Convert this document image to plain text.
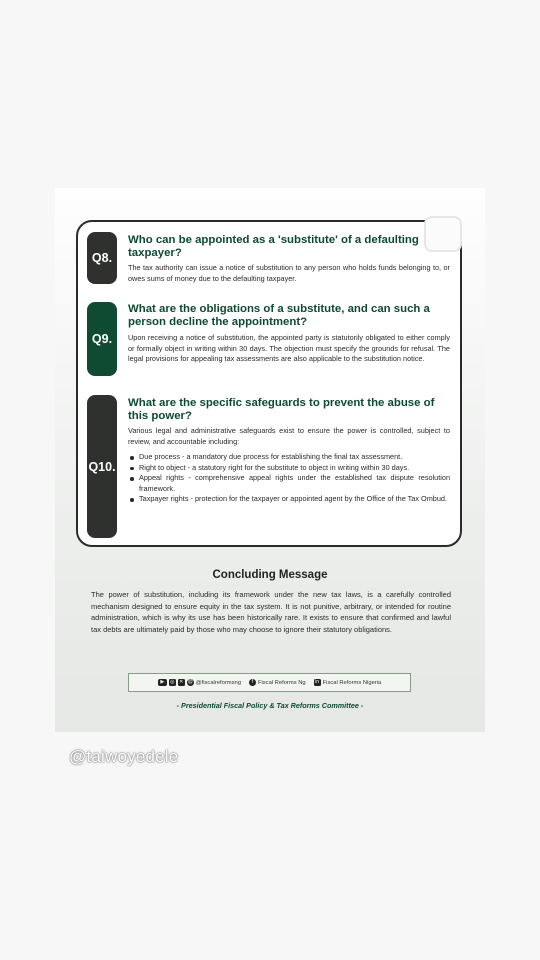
Q8.
Who can be appointed as a 'substitute' of a defaulting taxpayer?
The tax authority can issue a notice of substitution to any person who holds funds belonging to, or owes sums of money due to the defaulting taxpayer.
Q9.
What are the obligations of a substitute, and can such a person decline the appointment?
Upon receiving a notice of substitution, the appointed party is statutorily obligated to either comply or formally object in writing within 30 days. The objection must specify the grounds for refusal. The legal provisions for appealing tax assessments are also applicable to the substitution notice.
Q10.
What are the specific safeguards to prevent the abuse of this power?
Various legal and administrative safeguards exist to ensure the power is controlled, subject to review, and accountable including:
Due process - a mandatory due process for establishing the final tax assessment.
Right to object - a statutory right for the substitute to object in writing within 30 days.
Appeal rights - comprehensive appeal rights under the established tax dispute resolution framework.
Taxpayer rights - protection for the taxpayer or appointed agent by the Office of the Tax Ombud.
Concluding Message
The power of substitution, including its framework under the new tax laws, is a carefully controlled mechanism designed to ensure equity in the tax system. It is not punitive, arbitrary, or intended for routine administration, which is why its use has been historically rare. It exists to ensure that confirmed and lawful tax debts are ultimately paid by those who may choose to ignore their statutory obligations.
▶	◎ ✕ @ @fiscalreformsng	f Fiscal Reforms Ng	in Fiscal Reforms Nigeria
- Presidential Fiscal Policy & Tax Reforms Committee -
@taiwoyedele
